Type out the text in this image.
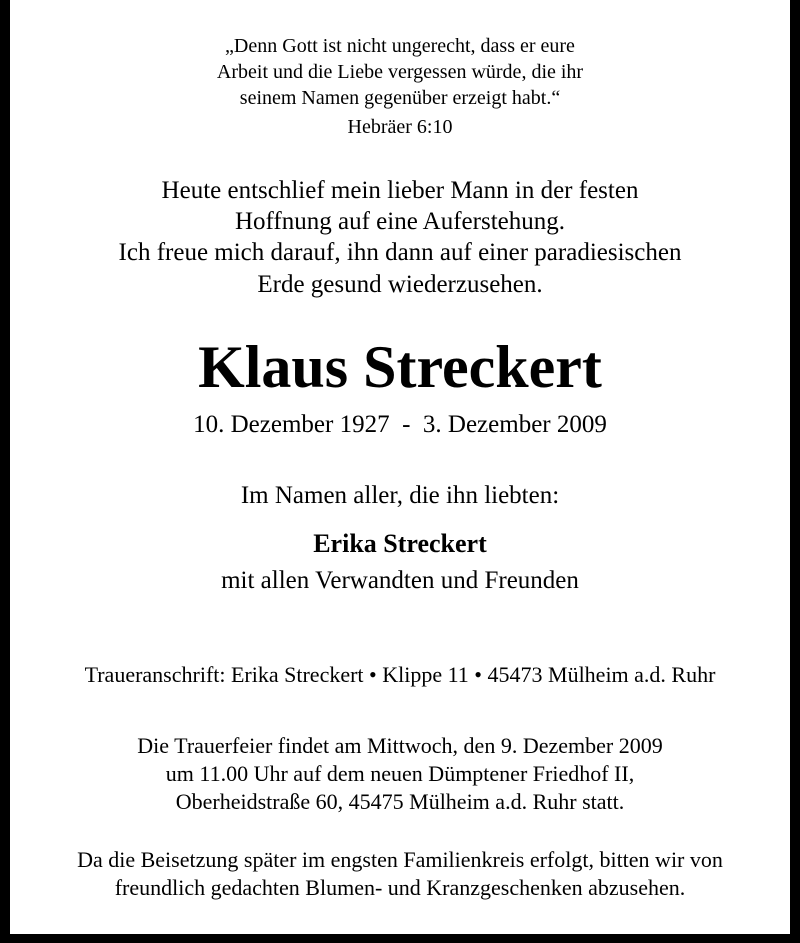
„Denn Gott ist nicht ungerecht, dass er eure
Arbeit und die Liebe vergessen würde, die ihr
seinem Namen gegenüber erzeigt habt.“
Hebräer 6:10
Heute entschlief mein lieber Mann in der festen
Hoffnung auf eine Auferstehung.
Ich freue mich darauf, ihn dann auf einer paradiesischen
Erde gesund wiederzusehen.
Klaus Streckert
10. Dezember 1927  -  3. Dezember 2009
Im Namen aller, die ihn liebten:
Erika Streckert
mit allen Verwandten und Freunden
Traueranschrift: Erika Streckert • Klippe 11 • 45473 Mülheim a.d. Ruhr
Die Trauerfeier findet am Mittwoch, den 9. Dezember 2009
um 11.00 Uhr auf dem neuen Dümptener Friedhof II,
Oberheidstraße 60, 45475 Mülheim a.d. Ruhr statt.
Da die Beisetzung später im engsten Familienkreis erfolgt, bitten wir von
freundlich gedachten Blumen- und Kranzgeschenken abzusehen.
